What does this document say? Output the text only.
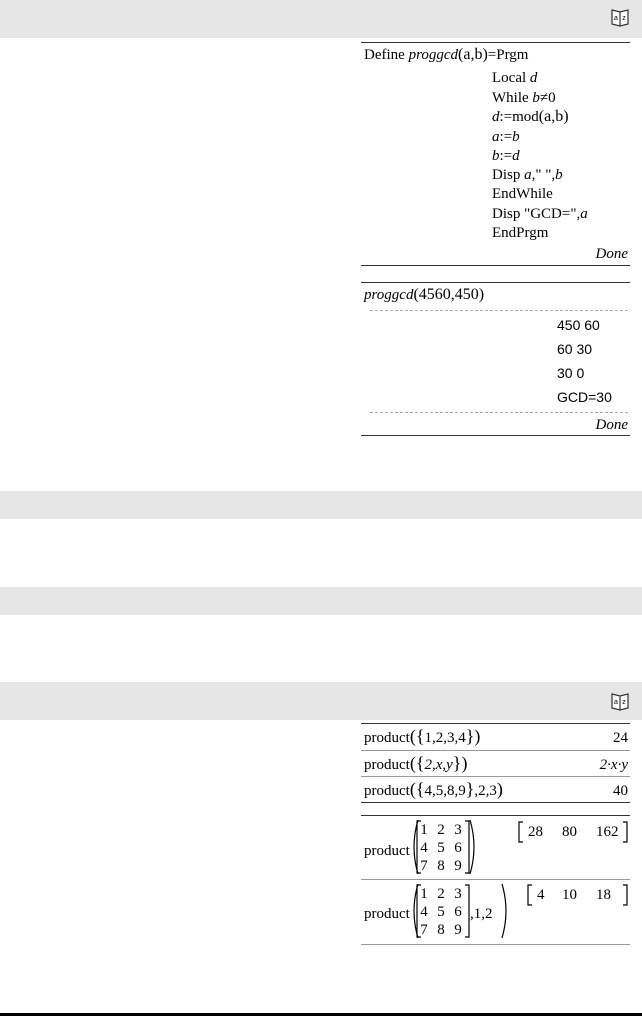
a z
Define proggcd(a,b)=Prgm
Local d
While b≠0
d:=mod(a,b)
a:=b
b:=d
Disp a," ",b
EndWhile
Disp "GCD=",a
EndPrgm
Done
proggcd(4560,450)
450 60
60 30
30 0
GCD=30
Done
a z
product({1,2,3,4})	24
product({2,x,y})	2·x·y
product({4,5,8,9},2,3)	40
product
1 2 3
4 5 6
7 8 9
28 80 162
product
1 2 3
4 5 6
7 8 9
,1,2
4 10 18
